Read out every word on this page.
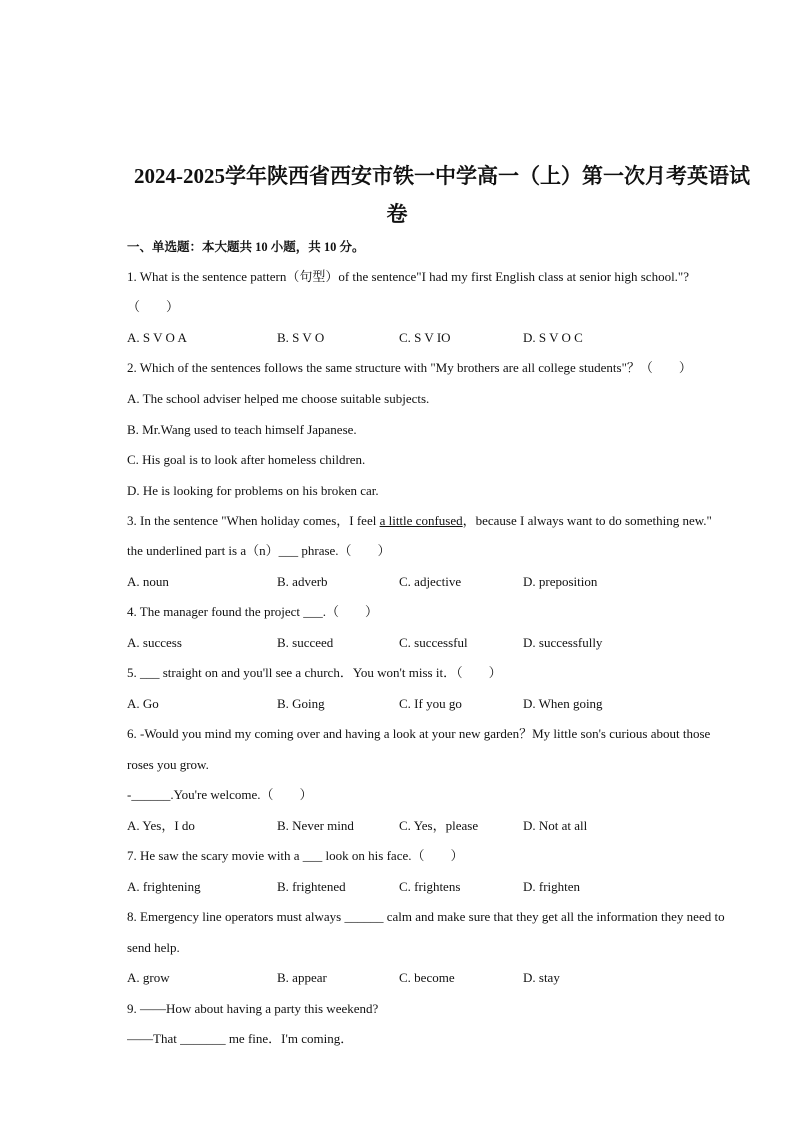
2024-2025学年陕西省西安市铁一中学高一（上）第一次月考英语试
卷
一、单选题：本大题共 10 小题，共 10 分。
1. What is the sentence pattern（句型）of the sentence"I had my first English class at senior high school."?
（　　）
A. S V O A	B. S V O	C. S V IO	D. S V O C
2. Which of the sentences follows the same structure with "My brothers are all college students"？（　　）
A. The school adviser helped me choose suitable subjects.
B. Mr.Wang used to teach himself Japanese.
C. His goal is to look after homeless children.
D. He is looking for problems on his broken car.
3. In the sentence "When holiday comes，I feel a little confused，because I always want to do something new."
the underlined part is a（n）___ phrase.（　　）
A. noun	B. adverb	C. adjective	D. preposition
4. The manager found the project ___.（　　）
A. success	B. succeed	C. successful	D. successfully
5. ___ straight on and you'll see a church．You won't miss it．（　　）
A. Go	B. Going	C. If you go	D. When going
6. -Would you mind my coming over and having a look at your new garden？My little son's curious about those
roses you grow.
-______.You're welcome.（　　）
A. Yes，I do	B. Never mind	C. Yes，please	D. Not at all
7. He saw the scary movie with a ___ look on his face.（　　）
A. frightening	B. frightened	C. frightens	D. frighten
8. Emergency line operators must always ______ calm and make sure that they get all the information they need to
send help.
A. grow	B. appear	C. become	D. stay
9. ——How about having a party this weekend?
——That _______ me fine．I'm coming．
